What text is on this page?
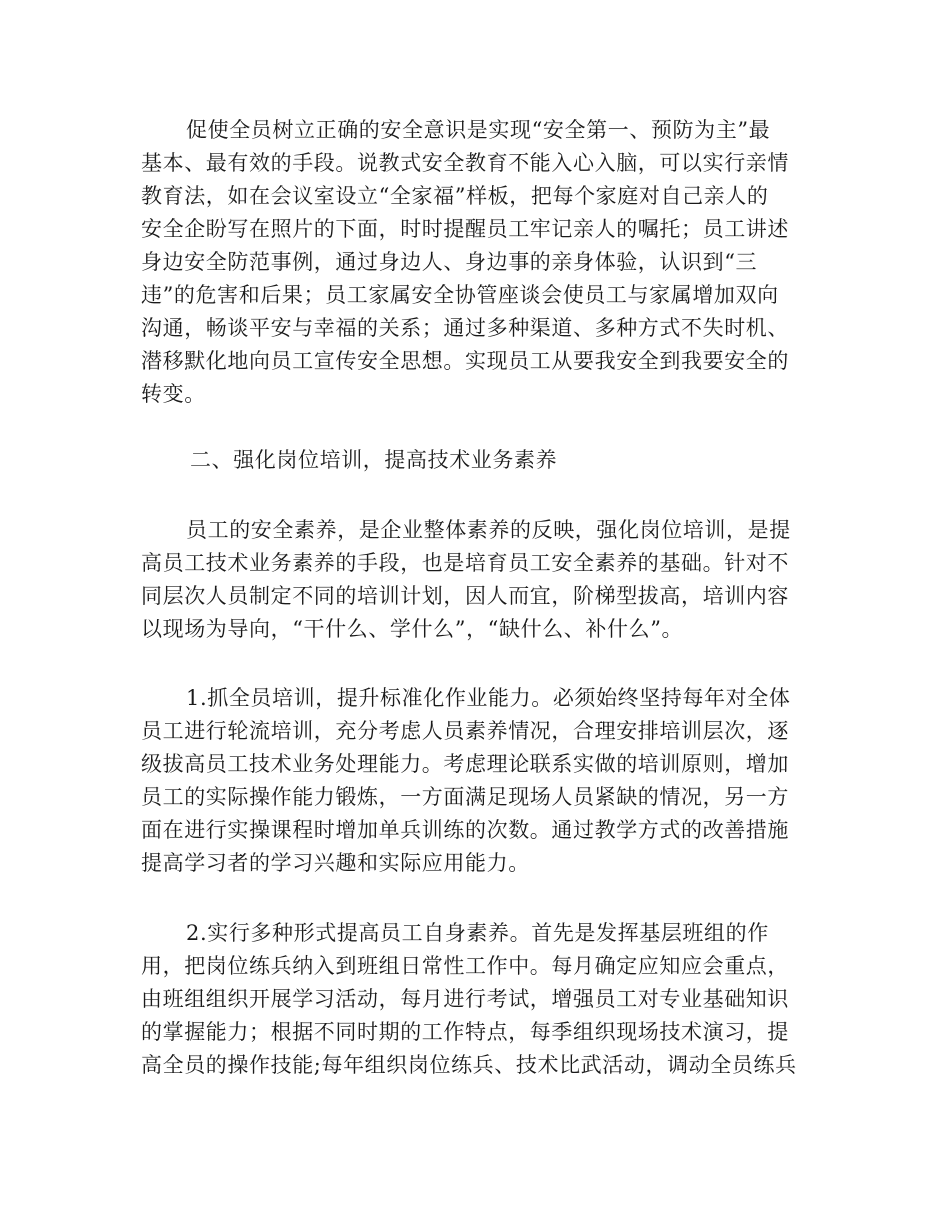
促使全员树立正确的安全意识是实现“安全第一、预防为主”最
基本、最有效的手段。说教式安全教育不能入心入脑，可以实行亲情
教育法，如在会议室设立“全家福”样板，把每个家庭对自己亲人的
安全企盼写在照片的下面，时时提醒员工牢记亲人的嘱托；员工讲述
身边安全防范事例，通过身边人、身边事的亲身体验，认识到“三
违”的危害和后果；员工家属安全协管座谈会使员工与家属增加双向
沟通，畅谈平安与幸福的关系；通过多种渠道、多种方式不失时机、
潜移默化地向员工宣传安全思想。实现员工从要我安全到我要安全的
转变。
二、强化岗位培训，提高技术业务素养
员工的安全素养，是企业整体素养的反映，强化岗位培训，是提
高员工技术业务素养的手段，也是培育员工安全素养的基础。针对不
同层次人员制定不同的培训计划，因人而宜，阶梯型拔高，培训内容
以现场为导向，“干什么、学什么”，“缺什么、补什么”。
1.抓全员培训，提升标准化作业能力。必须始终坚持每年对全体
员工进行轮流培训，充分考虑人员素养情况，合理安排培训层次，逐
级拔高员工技术业务处理能力。考虑理论联系实做的培训原则，增加
员工的实际操作能力锻炼，一方面满足现场人员紧缺的情况，另一方
面在进行实操课程时增加单兵训练的次数。通过教学方式的改善措施
提高学习者的学习兴趣和实际应用能力。
2.实行多种形式提高员工自身素养。首先是发挥基层班组的作
用，把岗位练兵纳入到班组日常性工作中。每月确定应知应会重点，
由班组组织开展学习活动，每月进行考试，增强员工对专业基础知识
的掌握能力；根据不同时期的工作特点，每季组织现场技术演习，提
高全员的操作技能;每年组织岗位练兵、技术比武活动，调动全员练兵
